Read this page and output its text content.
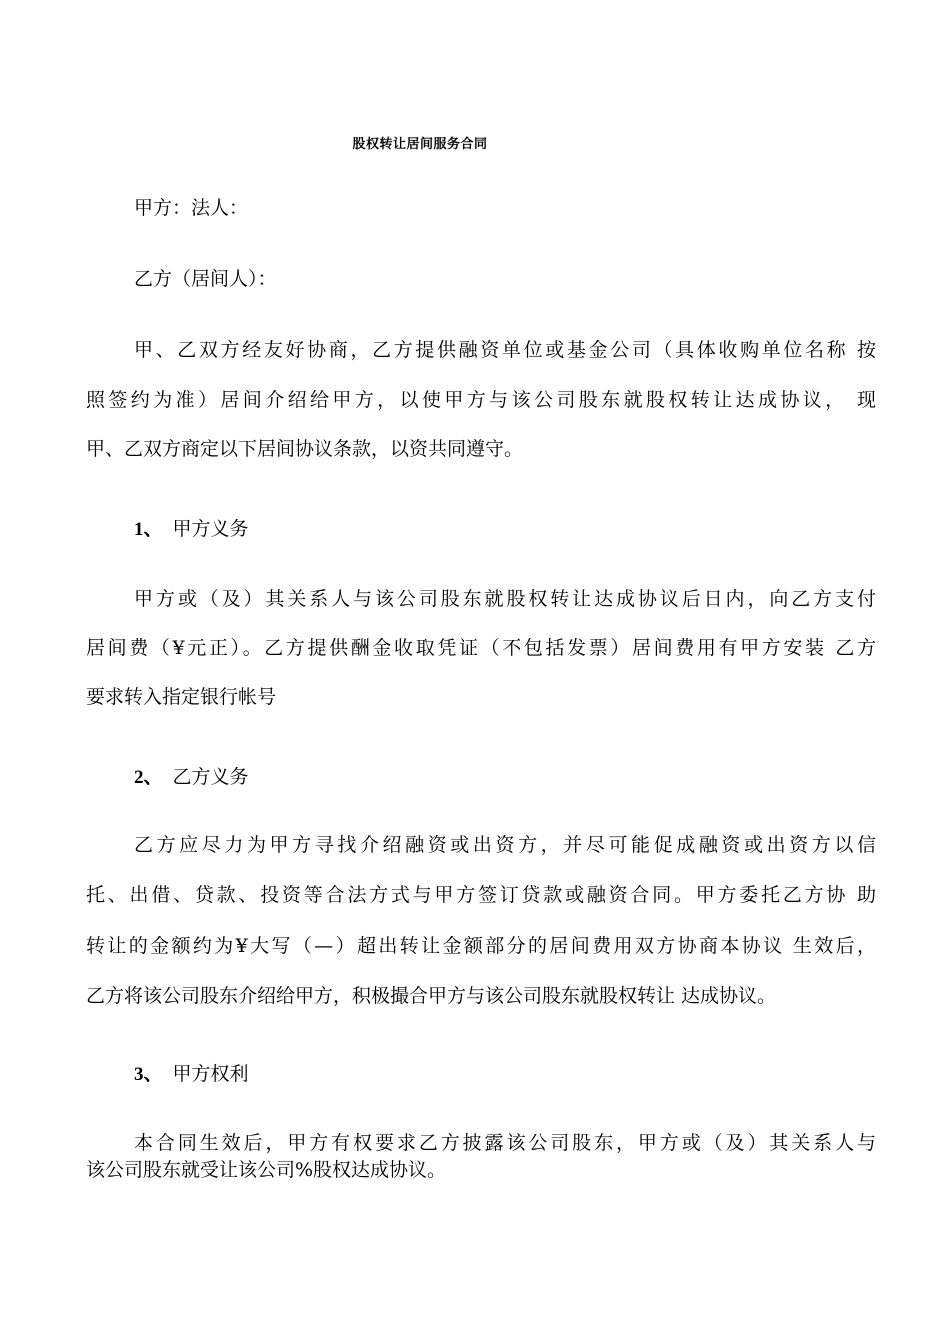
股权转让居间服务合同
甲方：法人：
乙方（居间人）：
甲、乙双方经友好协商，乙方提供融资单位或基金公司（具体收购单位名称 按
照签约为准）居间介绍给甲方，以使甲方与该公司股东就股权转让达成协议， 现
甲、乙双方商定以下居间协议条款，以资共同遵守。
1、 甲方义务
甲方或（及）其关系人与该公司股东就股权转让达成协议后日内，向乙方支付
居间费（¥元正）。乙方提供酬金收取凭证（不包括发票）居间费用有甲方安装 乙方
要求转入指定银行帐号
2、 乙方义务
乙方应尽力为甲方寻找介绍融资或出资方，并尽可能促成融资或出资方以信
托、出借、贷款、投资等合法方式与甲方签订贷款或融资合同。甲方委托乙方协 助
转让的金额约为¥大写（—）超出转让金额部分的居间费用双方协商本协议 生效后，
乙方将该公司股东介绍给甲方，积极撮合甲方与该公司股东就股权转让 达成协议。
3、 甲方权利
本合同生效后，甲方有权要求乙方披露该公司股东，甲方或（及）其关系人与
该公司股东就受让该公司%股权达成协议。
